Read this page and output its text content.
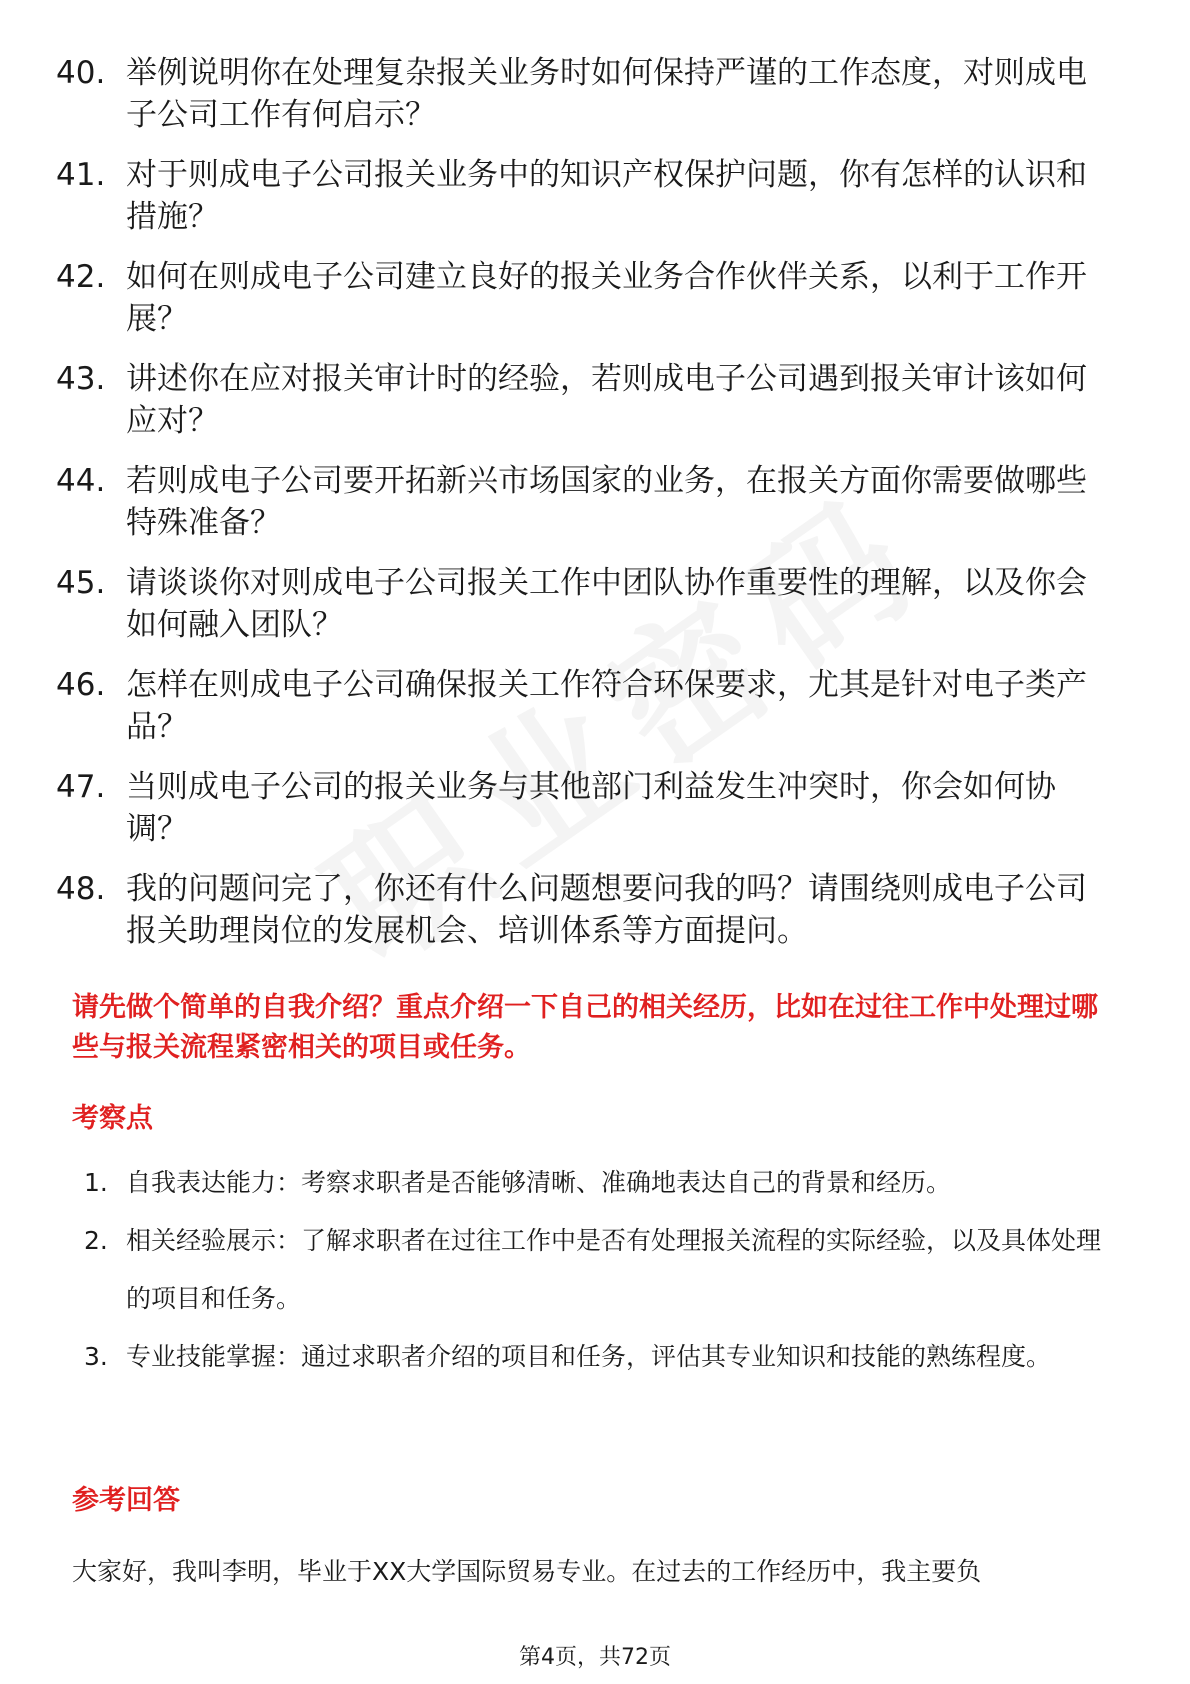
40. 举例说明你在处理复杂报关业务时如何保持严谨的工作态度，对则成电子公司工作有何启示？
41. 对于则成电子公司报关业务中的知识产权保护问题，你有怎样的认识和措施？
42. 如何在则成电子公司建立良好的报关业务合作伙伴关系，以利于工作开展？
43. 讲述你在应对报关审计时的经验，若则成电子公司遇到报关审计该如何应对？
44. 若则成电子公司要开拓新兴市场国家的业务，在报关方面你需要做哪些特殊准备？
45. 请谈谈你对则成电子公司报关工作中团队协作重要性的理解，以及你会如何融入团队？
46. 怎样在则成电子公司确保报关工作符合环保要求，尤其是针对电子类产品？
47. 当则成电子公司的报关业务与其他部门利益发生冲突时，你会如何协调？
48. 我的问题问完了，你还有什么问题想要问我的吗？请围绕则成电子公司报关助理岗位的发展机会、培训体系等方面提问。
请先做个简单的自我介绍？重点介绍一下自己的相关经历，比如在过往工作中处理过哪些与报关流程紧密相关的项目或任务。
考察点
1. 自我表达能力：考察求职者是否能够清晰、准确地表达自己的背景和经历。
2. 相关经验展示：了解求职者在过往工作中是否有处理报关流程的实际经验，以及具体处理的项目和任务。
3. 专业技能掌握：通过求职者介绍的项目和任务，评估其专业知识和技能的熟练程度。
参考回答
大家好，我叫李明，毕业于XX大学国际贸易专业。在过去的工作经历中，我主要负
第4页，共72页
